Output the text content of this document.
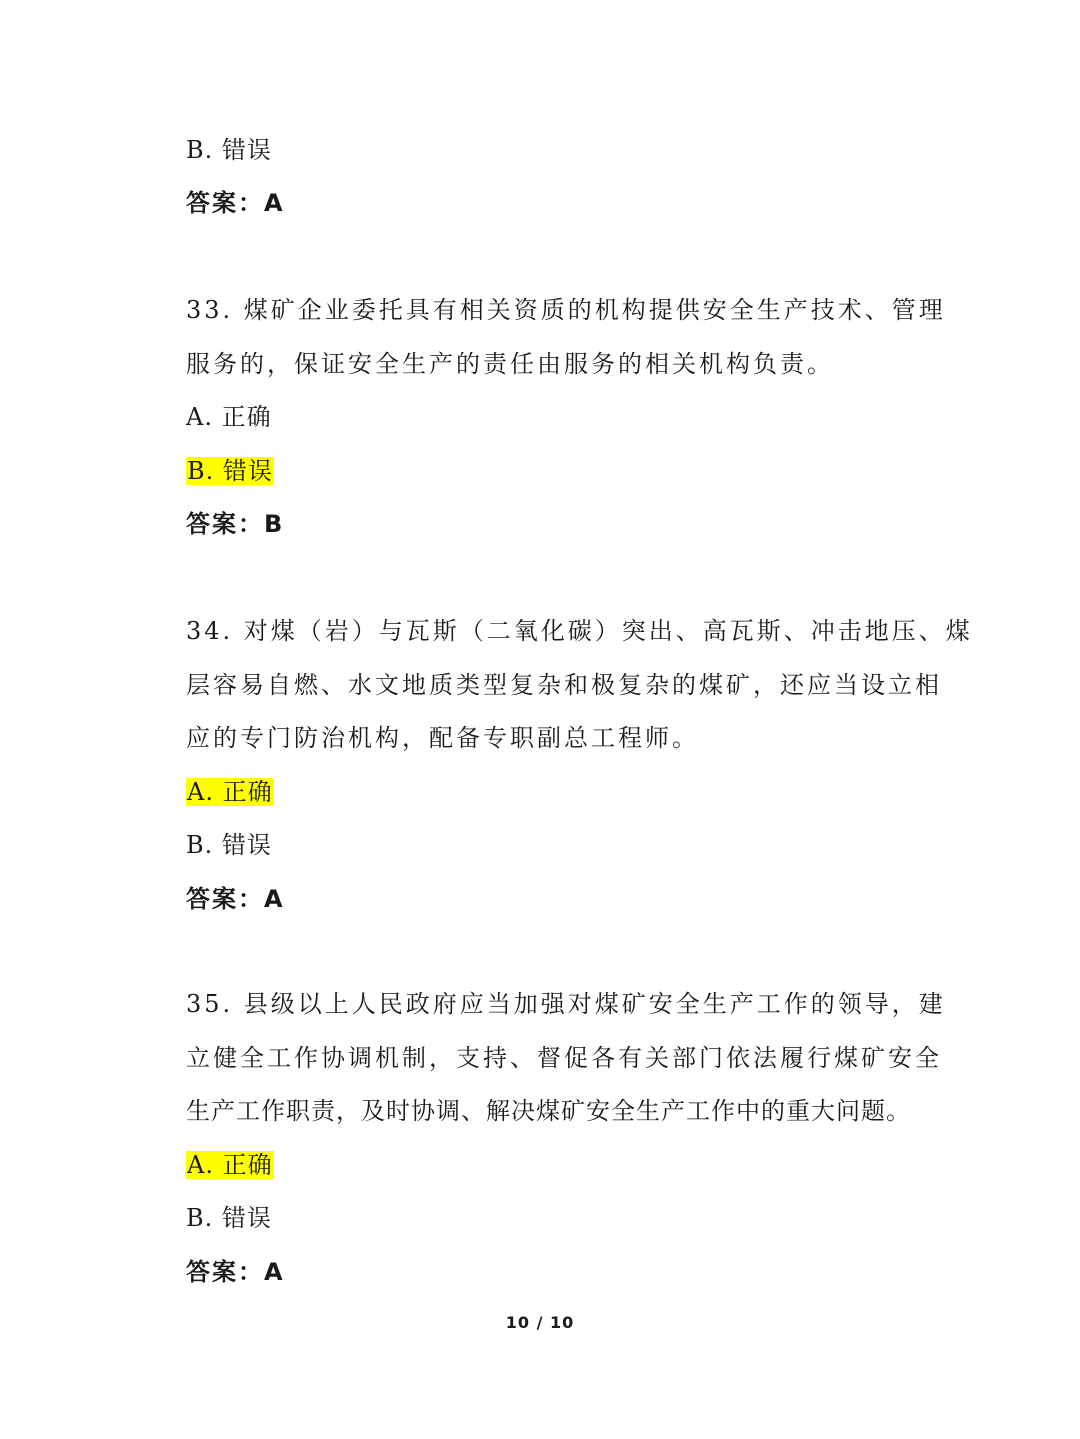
B. 错误
答案：A
33. 煤矿企业委托具有相关资质的机构提供安全生产技术、管理
服务的，保证安全生产的责任由服务的相关机构负责。
A. 正确
B. 错误
答案：B
34. 对煤（岩）与瓦斯（二氧化碳）突出、高瓦斯、冲击地压、煤
层容易自燃、水文地质类型复杂和极复杂的煤矿，还应当设立相
应的专门防治机构，配备专职副总工程师。
A. 正确
B. 错误
答案：A
35. 县级以上人民政府应当加强对煤矿安全生产工作的领导，建
立健全工作协调机制，支持、督促各有关部门依法履行煤矿安全
生产工作职责，及时协调、解决煤矿安全生产工作中的重大问题。
A. 正确
B. 错误
答案：A
10 / 10
